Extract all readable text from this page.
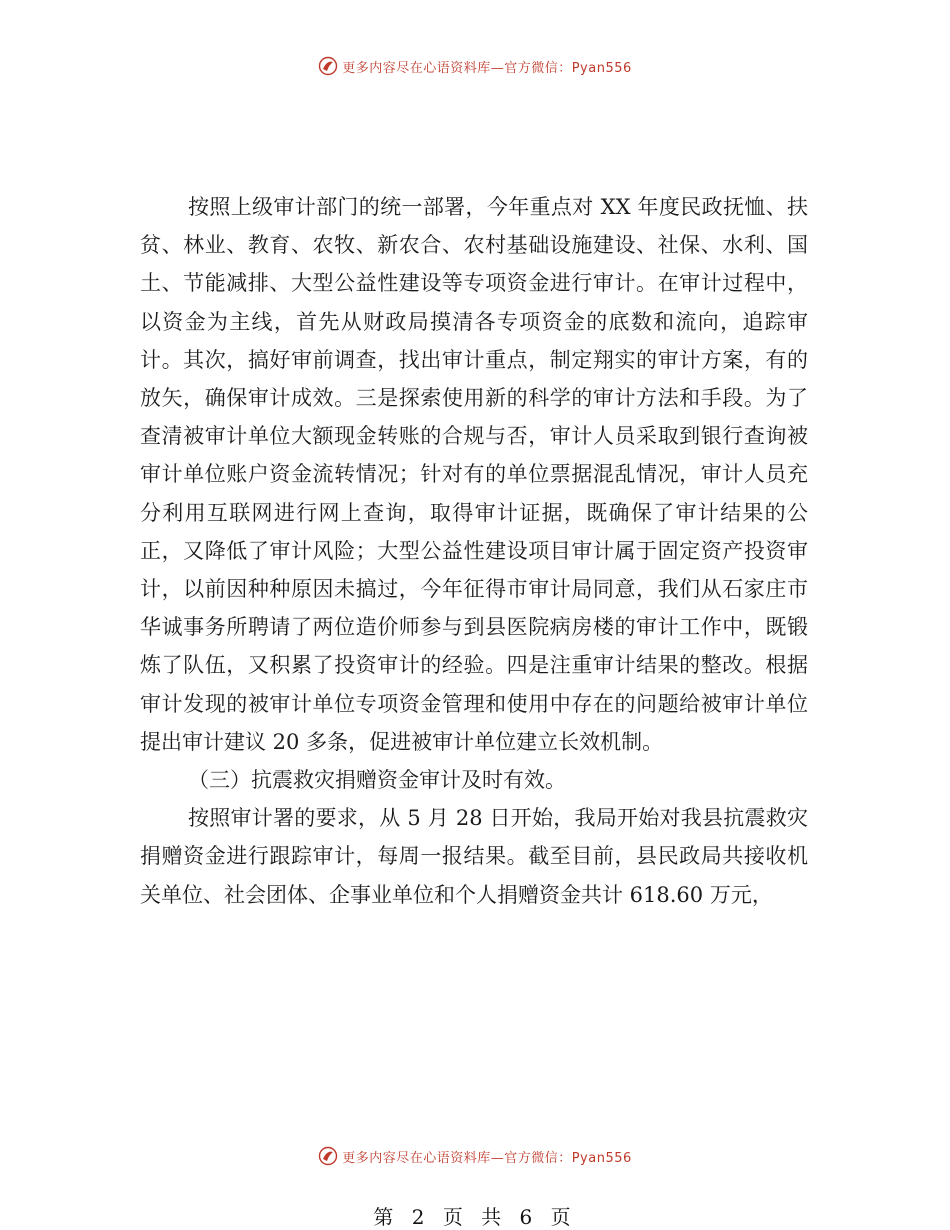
更多内容尽在心语资料库—官方微信：Pyan556

按照上级审计部门的统一部署，今年重点对 XX 年度民政抚恤、扶贫、林业、教育、农牧、新农合、农村基础设施建设、社保、水利、国土、节能减排、大型公益性建设等专项资金进行审计。在审计过程中，以资金为主线，首先从财政局摸清各专项资金的底数和流向，追踪审计。其次，搞好审前调查，找出审计重点，制定翔实的审计方案，有的放矢，确保审计成效。三是探索使用新的科学的审计方法和手段。为了查清被审计单位大额现金转账的合规与否，审计人员采取到银行查询被审计单位账户资金流转情况；针对有的单位票据混乱情况，审计人员充分利用互联网进行网上查询，取得审计证据，既确保了审计结果的公正，又降低了审计风险；大型公益性建设项目审计属于固定资产投资审计，以前因种种原因未搞过，今年征得市审计局同意，我们从石家庄市华诚事务所聘请了两位造价师参与到县医院病房楼的审计工作中，既锻炼了队伍，又积累了投资审计的经验。四是注重审计结果的整改。根据审计发现的被审计单位专项资金管理和使用中存在的问题给被审计单位提出审计建议 20 多条，促进被审计单位建立长效机制。

（三）抗震救灾捐赠资金审计及时有效。

按照审计署的要求，从 5 月 28 日开始，我局开始对我县抗震救灾捐赠资金进行跟踪审计，每周一报结果。截至目前，县民政局共接收机关单位、社会团体、企事业单位和个人捐赠资金共计 618.60 万元，

更多内容尽在心语资料库—官方微信：Pyan556
第 2 页 共 6 页
